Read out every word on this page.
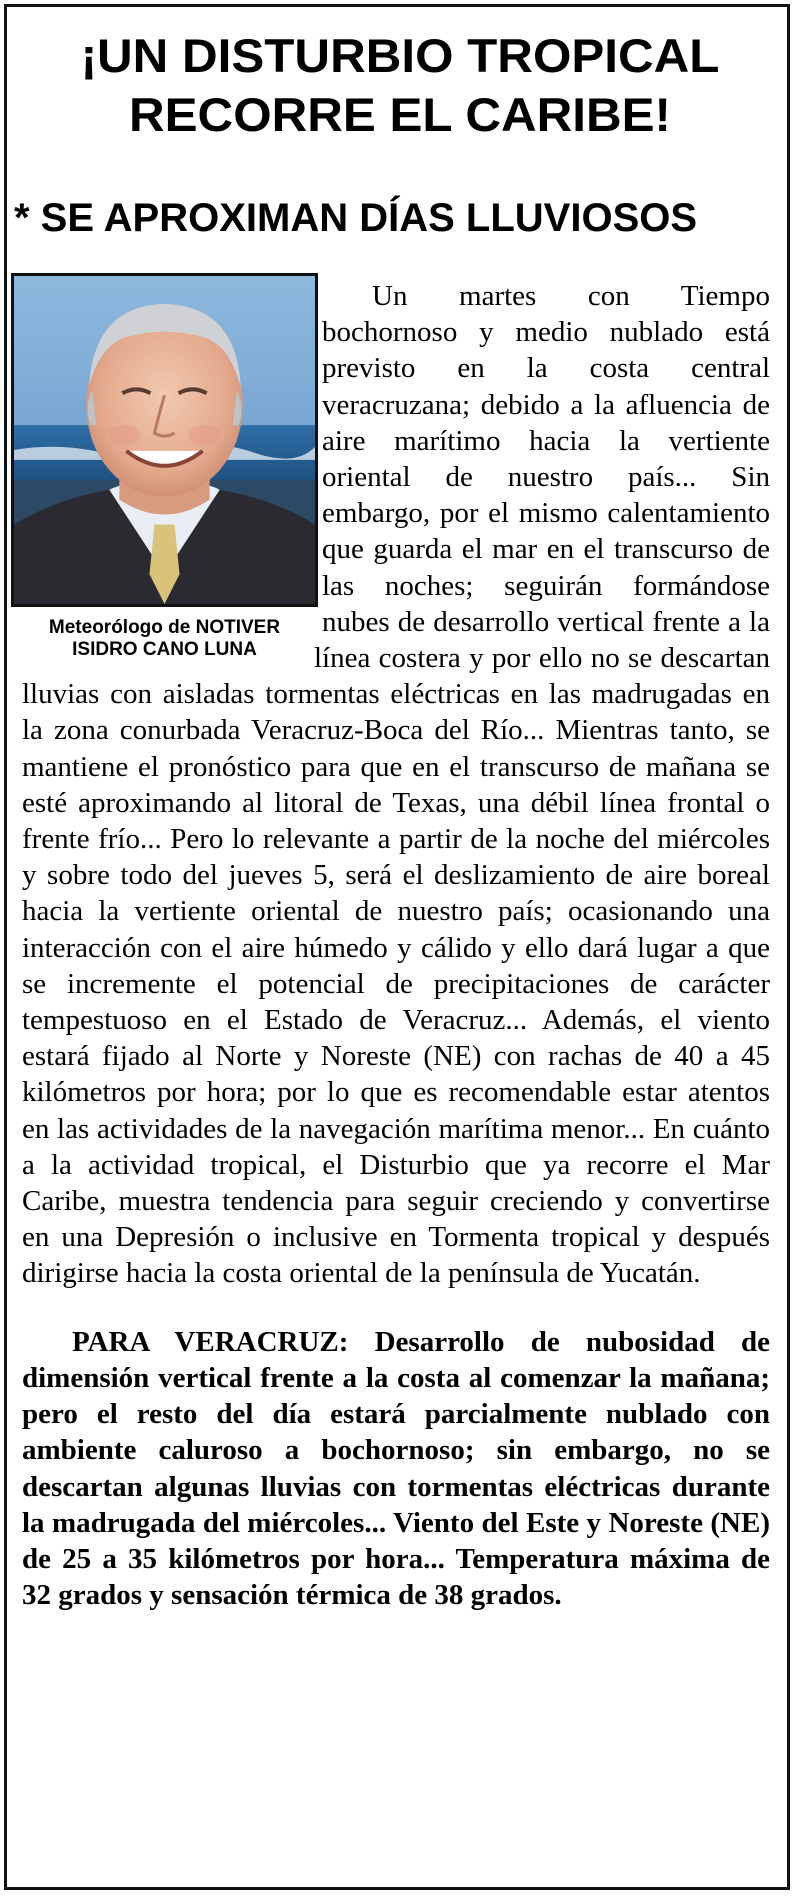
¡UN DISTURBIO TROPICAL
RECORRE EL CARIBE!
* SE APROXIMAN DÍAS LLUVIOSOS
Meteorólogo de NOTIVER
ISIDRO CANO LUNA

Un martes con Tiempo bochornoso y medio nublado está previsto en la costa central veracruzana; debido a la afluencia de aire marítimo hacia la vertiente oriental de nuestro país... Sin embargo, por el mismo calentamiento que guarda el mar en el transcurso de las noches; seguirán formándose nubes de desarrollo vertical frente a la línea costera y por ello no se descartan lluvias con aisladas tormentas eléctricas en las madrugadas en la zona conurbada Veracruz-Boca del Río... Mientras tanto, se mantiene el pronóstico para que en el transcurso de mañana se esté aproximando al litoral de Texas, una débil línea frontal o frente frío... Pero lo relevante a partir de la noche del miércoles y sobre todo del jueves 5, será el deslizamiento de aire boreal hacia la vertiente oriental de nuestro país; ocasionando una interacción con el aire húmedo y cálido y ello dará lugar a que se incremente el potencial de precipitaciones de carácter tempestuoso en el Estado de Veracruz... Además, el viento estará fijado al Norte y Noreste (NE) con rachas de 40 a 45 kilómetros por hora; por lo que es recomendable estar atentos en las actividades de la navegación marítima menor... En cuánto a la actividad tropical, el Disturbio que ya recorre el Mar Caribe, muestra tendencia para seguir creciendo y convertirse en una Depresión o inclusive en Tormenta tropical y después dirigirse hacia la costa oriental de la península de Yucatán.

PARA VERACRUZ: Desarrollo de nubosidad de dimensión vertical frente a la costa al comenzar la mañana; pero el resto del día estará parcialmente nublado con ambiente caluroso a bochornoso; sin embargo, no se descartan algunas lluvias con tormentas eléctricas durante la madrugada del miércoles... Viento del Este y Noreste (NE) de 25 a 35 kilómetros por hora... Temperatura máxima de 32 grados y sensación térmica de 38 grados.
